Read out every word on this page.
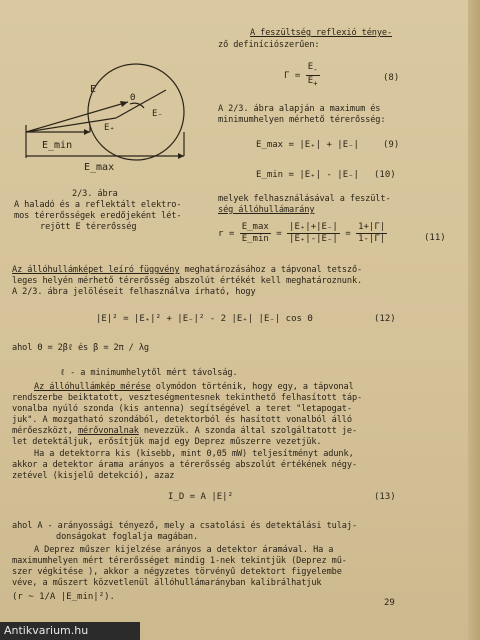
E
E₊
E₋
Θ
E_min
E_max
2/3. ábra
A haladó és a reflektált elektro-
mos térerősségek eredőjeként lét-
rejött E térerősség
A feszültség reflexió ténye-
ző definíciószerűen:
$\Gamma = \frac{E_-}{E_+}$	(8)
A 2/3. ábra alapján a maximum és
minimumhelyen mérhető térerősség:
E_max = |E₊| + |E₋|	(9)
E_min = |E₊| - |E₋| (10)
melyek felhasználásával a feszült-
ség állóhullámarány
$r = \frac{E\_\max}{E\_\min} = \frac{|E_+|+|E_-|}{|E_+|-|E_-|} = \frac{1+|\Gamma|}{1-|\Gamma|}$	(11)
Az állóhullámképet leíró függvény meghatározásához a tápvonal tetsző-
leges helyén mérhető térerősség abszolút értékét kell meghatároznunk.
A 2/3. ábra jelöléseit felhasználva írható, hogy
|E|² = |E₊|² + |E₋|² - 2 |E₊| |E₋| cos Θ	(12)
ahol Θ = 2βℓ és β = 2π / λg
ℓ - a minimumhelytől mért távolság.
Az állóhullámkép mérése olymódon történik, hogy egy, a tápvonal
rendszerbe beiktatott, veszteségmentesnek tekinthető felhasított táp-
vonalba nyúló szonda (kis antenna) segítségével a teret "letapogat-
juk". A mozgatható szondából, detektorból és hasított vonalból álló
mérőeszközt, mérővonalnak nevezzük. A szonda által szolgáltatott je-
let detektáljuk, erősítjük majd egy Deprez műszerre vezetjük.
Ha a detektorra kis (kisebb, mint 0,05 mW) teljesítményt adunk,
akkor a detektor árama arányos a térerősség abszolút értékének négy-
zetével (kisjelű detekció), azaz
I_D = A |E|²	(13)
ahol A - arányossági tényező, mely a csatolási és detektálási tulaj-
donságokat foglalja magában.
A Deprez műszer kijelzése arányos a detektor áramával. Ha a
maximumhelyen mért térerősséget mindig 1-nek tekintjük (Deprez mű-
szer végkitése ), akkor a négyzetes törvényű detektort figyelembe
véve, a műszert közvetlenül állóhullámarányban kalibrálhatjuk
(r ~ 1/A |E_min|²).
29
Antikvarium.hu
